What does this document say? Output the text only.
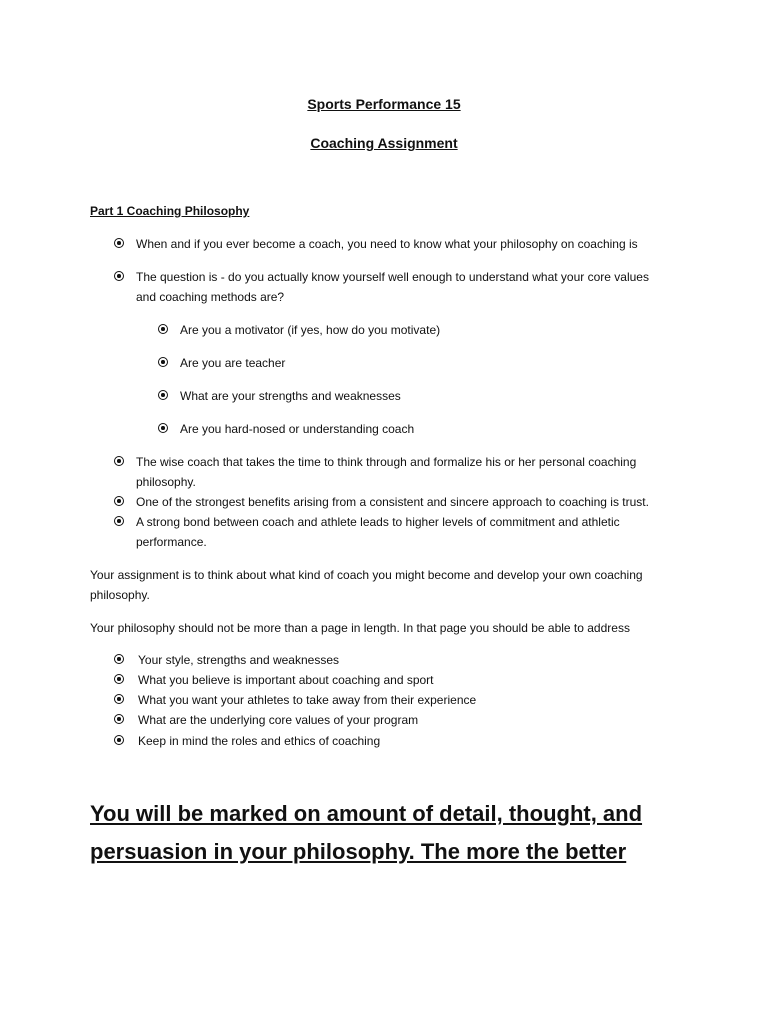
Sports Performance 15
Coaching Assignment
Part 1 Coaching Philosophy
When and if you ever become a coach, you need to know what your philosophy on coaching is
The question is - do you actually know yourself well enough to understand what your core values and coaching methods are?
Are you a motivator (if yes, how do you motivate)
Are you are teacher
What are your strengths and weaknesses
Are you hard-nosed or understanding coach
The wise coach that takes the time to think through and formalize his or her personal coaching philosophy.
One of the strongest benefits arising from a consistent and sincere approach to coaching is trust.
A strong bond between coach and athlete leads to higher levels of commitment and athletic performance.

Your assignment is to think about what kind of coach you might become and develop your own coaching philosophy.

Your philosophy should not be more than a page in length. In that page you should be able to address

Your style, strengths and weaknesses
What you believe is important about coaching and sport
What you want your athletes to take away from their experience
What are the underlying core values of your program
Keep in mind the roles and ethics of coaching

You will be marked on amount of detail, thought, and persuasion in your philosophy. The more the better
